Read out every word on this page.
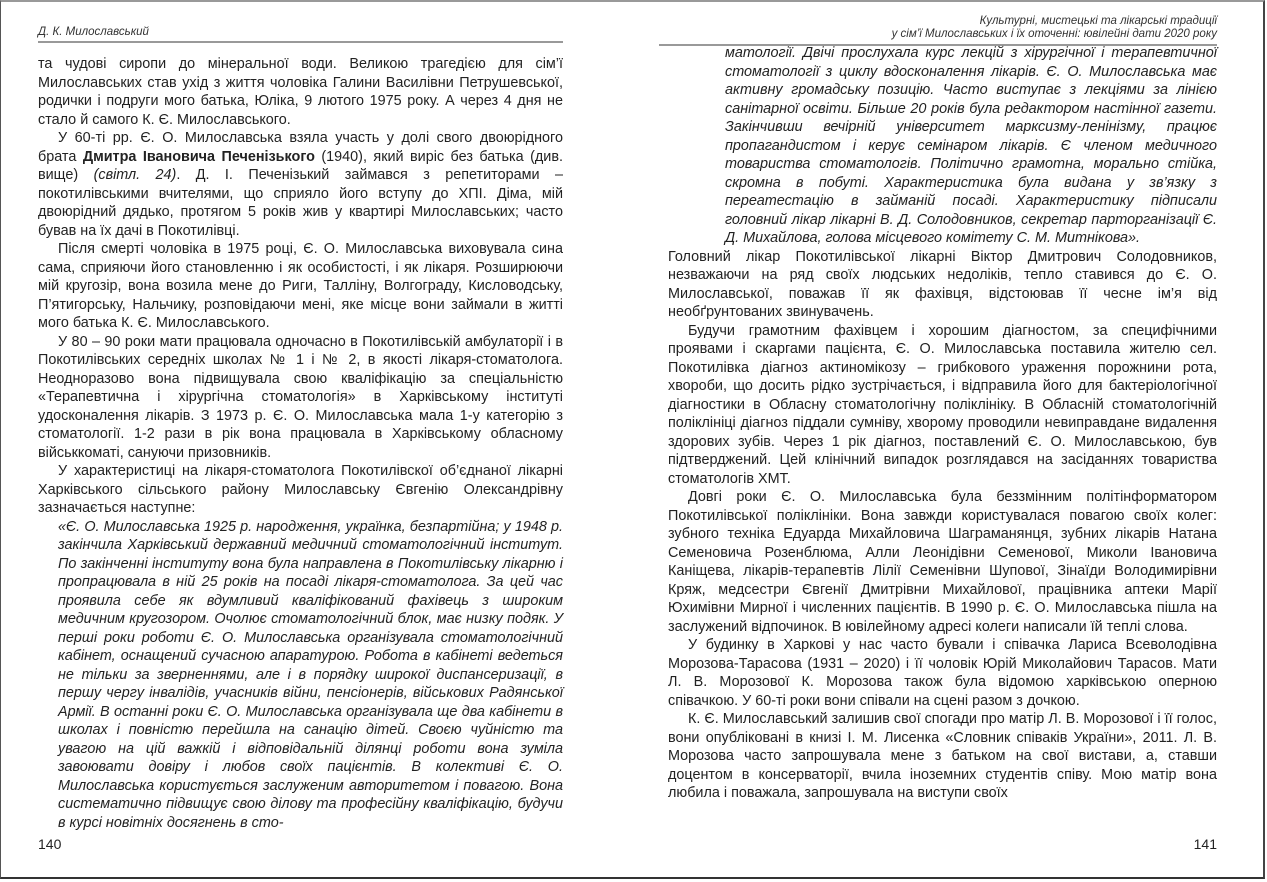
Д. К. Милославський

та чудові сиропи до мінеральної води. Великою трагедією для сім’ї Милославських став ухід з життя чоловіка Галини Василівни Петрушевської, родички і подруги мого батька, Юліка, 9 лютого 1975 року. А через 4 дня не стало й самого К. Є. Милославського.

У 60-ті рр. Є. О. Милославська взяла участь у долі свого двоюрідного брата Дмитра Івановича Печенізького (1940), який виріс без батька (див. вище) (світл. 24). Д. І. Печенізький займався з репетиторами – покотилівськими вчителями, що сприяло його вступу до ХПІ. Діма, мій двоюрідний дядько, протягом 5 років жив у квартирі Милославських; часто бував на їх дачі в Покотилівці.

Після смерті чоловіка в 1975 році, Є. О. Милославська виховувала сина сама, сприяючи його становленню і як особистості, і як лікаря. Розширюючи мій кругозір, вона возила мене до Риги, Талліну, Волгограду, Кисловодську, П’ятигорську, Нальчику, розповідаючи мені, яке місце вони займали в житті мого батька К. Є. Милославського.

У 80 – 90 роки мати працювала одночасно в Покотилівській амбулаторії і в Покотилівських середніх школах № 1 і № 2, в якості лікаря-стоматолога. Неодноразово вона підвищувала свою кваліфікацію за спеціальністю «Терапевтична і хірургічна стоматологія» в Харківському інституті удосконалення лікарів. З 1973 р. Є. О. Милославська мала 1-у категорію з стоматології. 1-2 рази в рік вона працювала в Харківському обласному військкоматі, сануючи призовників.

У характеристиці на лікаря-стоматолога Покотилівскої об’єднаної лікарні Харківського сільського району Милославську Євгенію Олександрівну зазначається наступне:

«Є. О. Милославська 1925 р. народження, українка, безпартійна; у 1948 р. закінчила Харківський державний медичний стоматологічний інститут. По закінченні інституту вона була направлена в Покотилівську лікарню і пропрацювала в ній 25 років на посаді лікаря-стоматолога. За цей час проявила себе як вдумливий кваліфікований фахівець з широким медичним кругозором. Очолює стоматологічний блок, має низку подяк. У перші роки роботи Є. О. Милославська організувала стоматологічний кабінет, оснащений сучасною апаратурою. Робота в кабінеті ведеться не тільки за зверненнями, але і в порядку широкої диспансеризації, в першу чергу інвалідів, учасників війни, пенсіонерів, військових Радянської Армії. В останні роки Є. О. Милославська організувала ще два кабінети в школах і повністю перейшла на санацію дітей. Своєю чуйністю та увагою на цій важкій і відповідальній ділянці роботи вона зуміла завоювати довіру і любов своїх пацієнтів. В колективі Є. О. Милославська користується заслуженим авторитетом і повагою. Вона систематично підвищує свою ділову та професійну кваліфікацію, будучи в курсі новітніх досягнень в сто-

140
Культурні, мистецькі та лікарські традиції
у сім’ї Милославських і їх оточенні: ювілейні дати 2020 року

матології. Двічі прослухала курс лекцій з хірургічної і терапевтичної стоматології з циклу вдосконалення лікарів. Є. О. Милославська має активну громадську позицію. Часто виступає з лекціями за лінією санітарної освіти. Більше 20 років була редактором настінної газети. Закінчивши вечірній університет марксизму-ленінізму, працює пропагандистом і керує семінаром лікарів. Є членом медичного товариства стоматологів. Політично грамотна, морально стійка, скромна в побуті. Характеристика була видана у зв’язку з переатестацію в займаній посаді. Характеристику підписали головний лікар лікарні В. Д. Солодовников, секретар парторганізації Є. Д. Михайлова, голова місцевого комітету С. М. Митнікова».

Головний лікар Покотилівської лікарні Віктор Дмитрович Солодовников, незважаючи на ряд своїх людських недоліків, тепло ставився до Є. О. Милославської, поважав її як фахівця, відстоював її чесне ім’я від необґрунтованих звинувачень.

Будучи грамотним фахівцем і хорошим діагностом, за специфічними проявами і скаргами пацієнта, Є. О. Милославська поставила жителю сел. Покотилівка діагноз актиномікозу – грибкового ураження порожнини рота, хвороби, що досить рідко зустрічається, і відправила його для бактеріологічної діагностики в Обласну стоматологічну поліклініку. В Обласній стоматологічній поліклініці діагноз піддали сумніву, хворому проводили невиправдане видалення здорових зубів. Через 1 рік діагноз, поставлений Є. О. Милославською, був підтверджений. Цей клінічний випадок розглядався на засіданнях товариства стоматологів ХМТ.

Довгі роки Є. О. Милославська була беззмінним політінформатором Покотилівської поліклініки. Вона завжди користувалася повагою своїх колег: зубного техніка Едуарда Михайловича Шаграманянця, зубних лікарів Натана Семеновича Розенблюма, Алли Леонідівни Семенової, Миколи Івановича Каніщева, лікарів-терапевтів Лілії Семенівни Шупової, Зінаїди Володимирівни Кряж, медсестри Євгенії Дмитрівни Михайлової, працівника аптеки Марії Юхимівни Мирної і численних пацієнтів. В 1990 р. Є. О. Милославська пішла на заслужений відпочинок. В ювілейному адресі колеги написали їй теплі слова.

У будинку в Харкові у нас часто бували і співачка Лариса Всеволодівна Морозова-Тарасова (1931 – 2020) і її чоловік Юрій Миколайович Тарасов. Мати Л. В. Морозової К. Морозова також була відомою харківською оперною співачкою. У 60-ті роки вони співали на сцені разом з дочкою.

К. Є. Милославський залишив свої спогади про матір Л. В. Морозової і її голос, вони опубліковані в книзі І. М. Лисенка «Словник співаків України», 2011. Л. В. Морозова часто запрошувала мене з батьком на свої вистави, а, ставши доцентом в консерваторії, вчила іноземних студентів співу. Мою матір вона любила і поважала, запрошувала на виступи своїх

141
